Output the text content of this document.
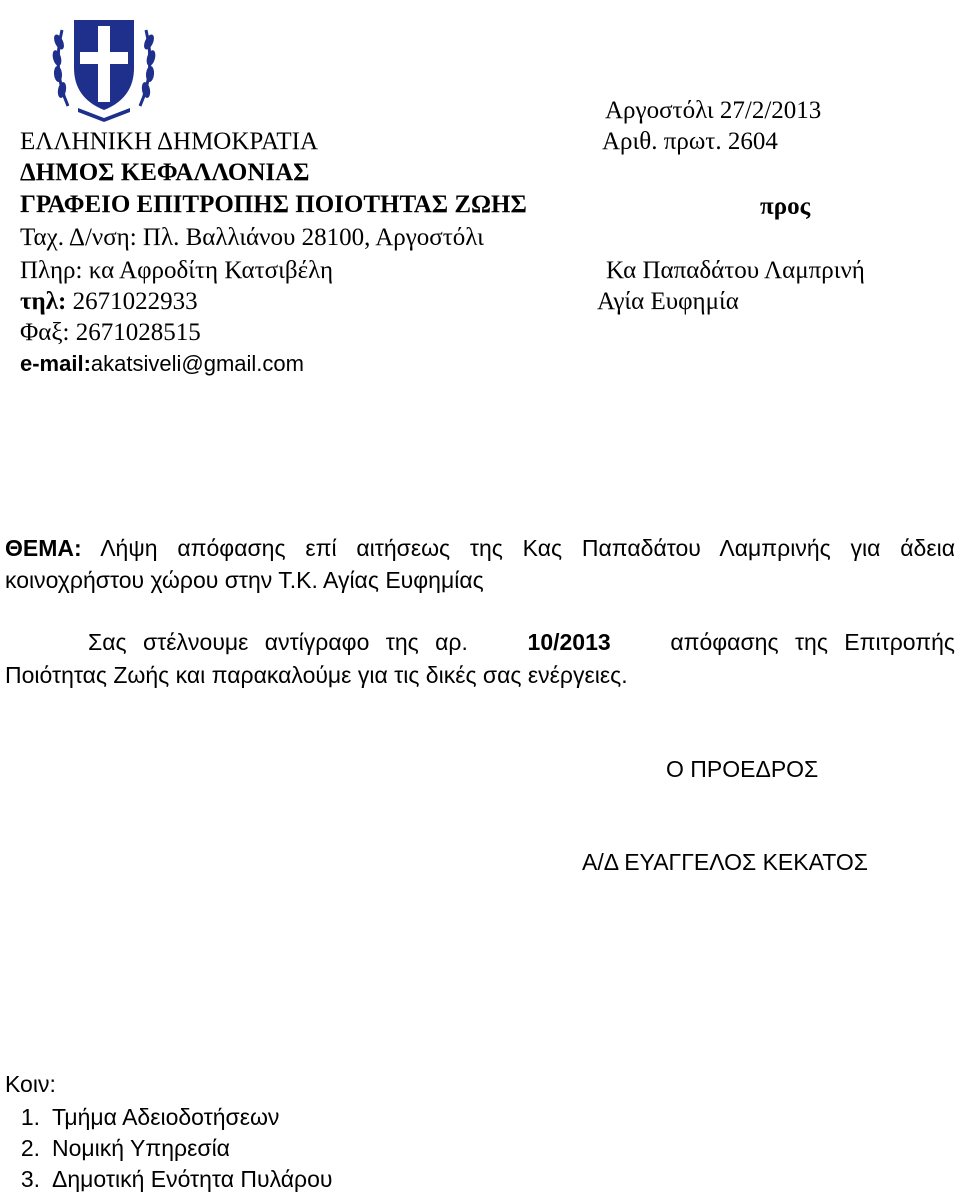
Αργοστόλι 27/2/2013
Αριθ. πρωτ. 2604
ΕΛΛΗΝΙΚΗ ΔΗΜΟΚΡΑΤΙΑ
ΔΗΜΟΣ ΚΕΦΑΛΛΟΝΙΑΣ
ΓΡΑΦΕΙΟ ΕΠΙΤΡΟΠΗΣ ΠΟΙΟΤΗΤΑΣ ΖΩΗΣ
Ταχ. Δ/νση: Πλ. Βαλλιάνου 28100, Αργοστόλι
Πληρ: κα Αφροδίτη Κατσιβέλη
τηλ: 2671022933
Φαξ: 2671028515
e-mail:akatsiveli@gmail.com
προς
Κα Παπαδάτου Λαμπρινή
Αγία Ευφημία
ΘΕΜΑ: Λήψη απόφασης επί αιτήσεως της Κας Παπαδάτου Λαμπρινής για άδεια
κοινοχρήστου χώρου στην Τ.Κ. Αγίας Ευφημίας
Σας στέλνουμε αντίγραφο της αρ.	10/2013	απόφασης της Επιτροπής
Ποιότητας Ζωής και παρακαλούμε για τις δικές σας ενέργειες.
Ο ΠΡΟΕΔΡΟΣ
Α/Δ ΕΥΑΓΓΕΛΟΣ ΚΕΚΑΤΟΣ
Κοιν:
1. Τμήμα Αδειοδοτήσεων
2. Νομική Υπηρεσία
3. Δημοτική Ενότητα Πυλάρου
